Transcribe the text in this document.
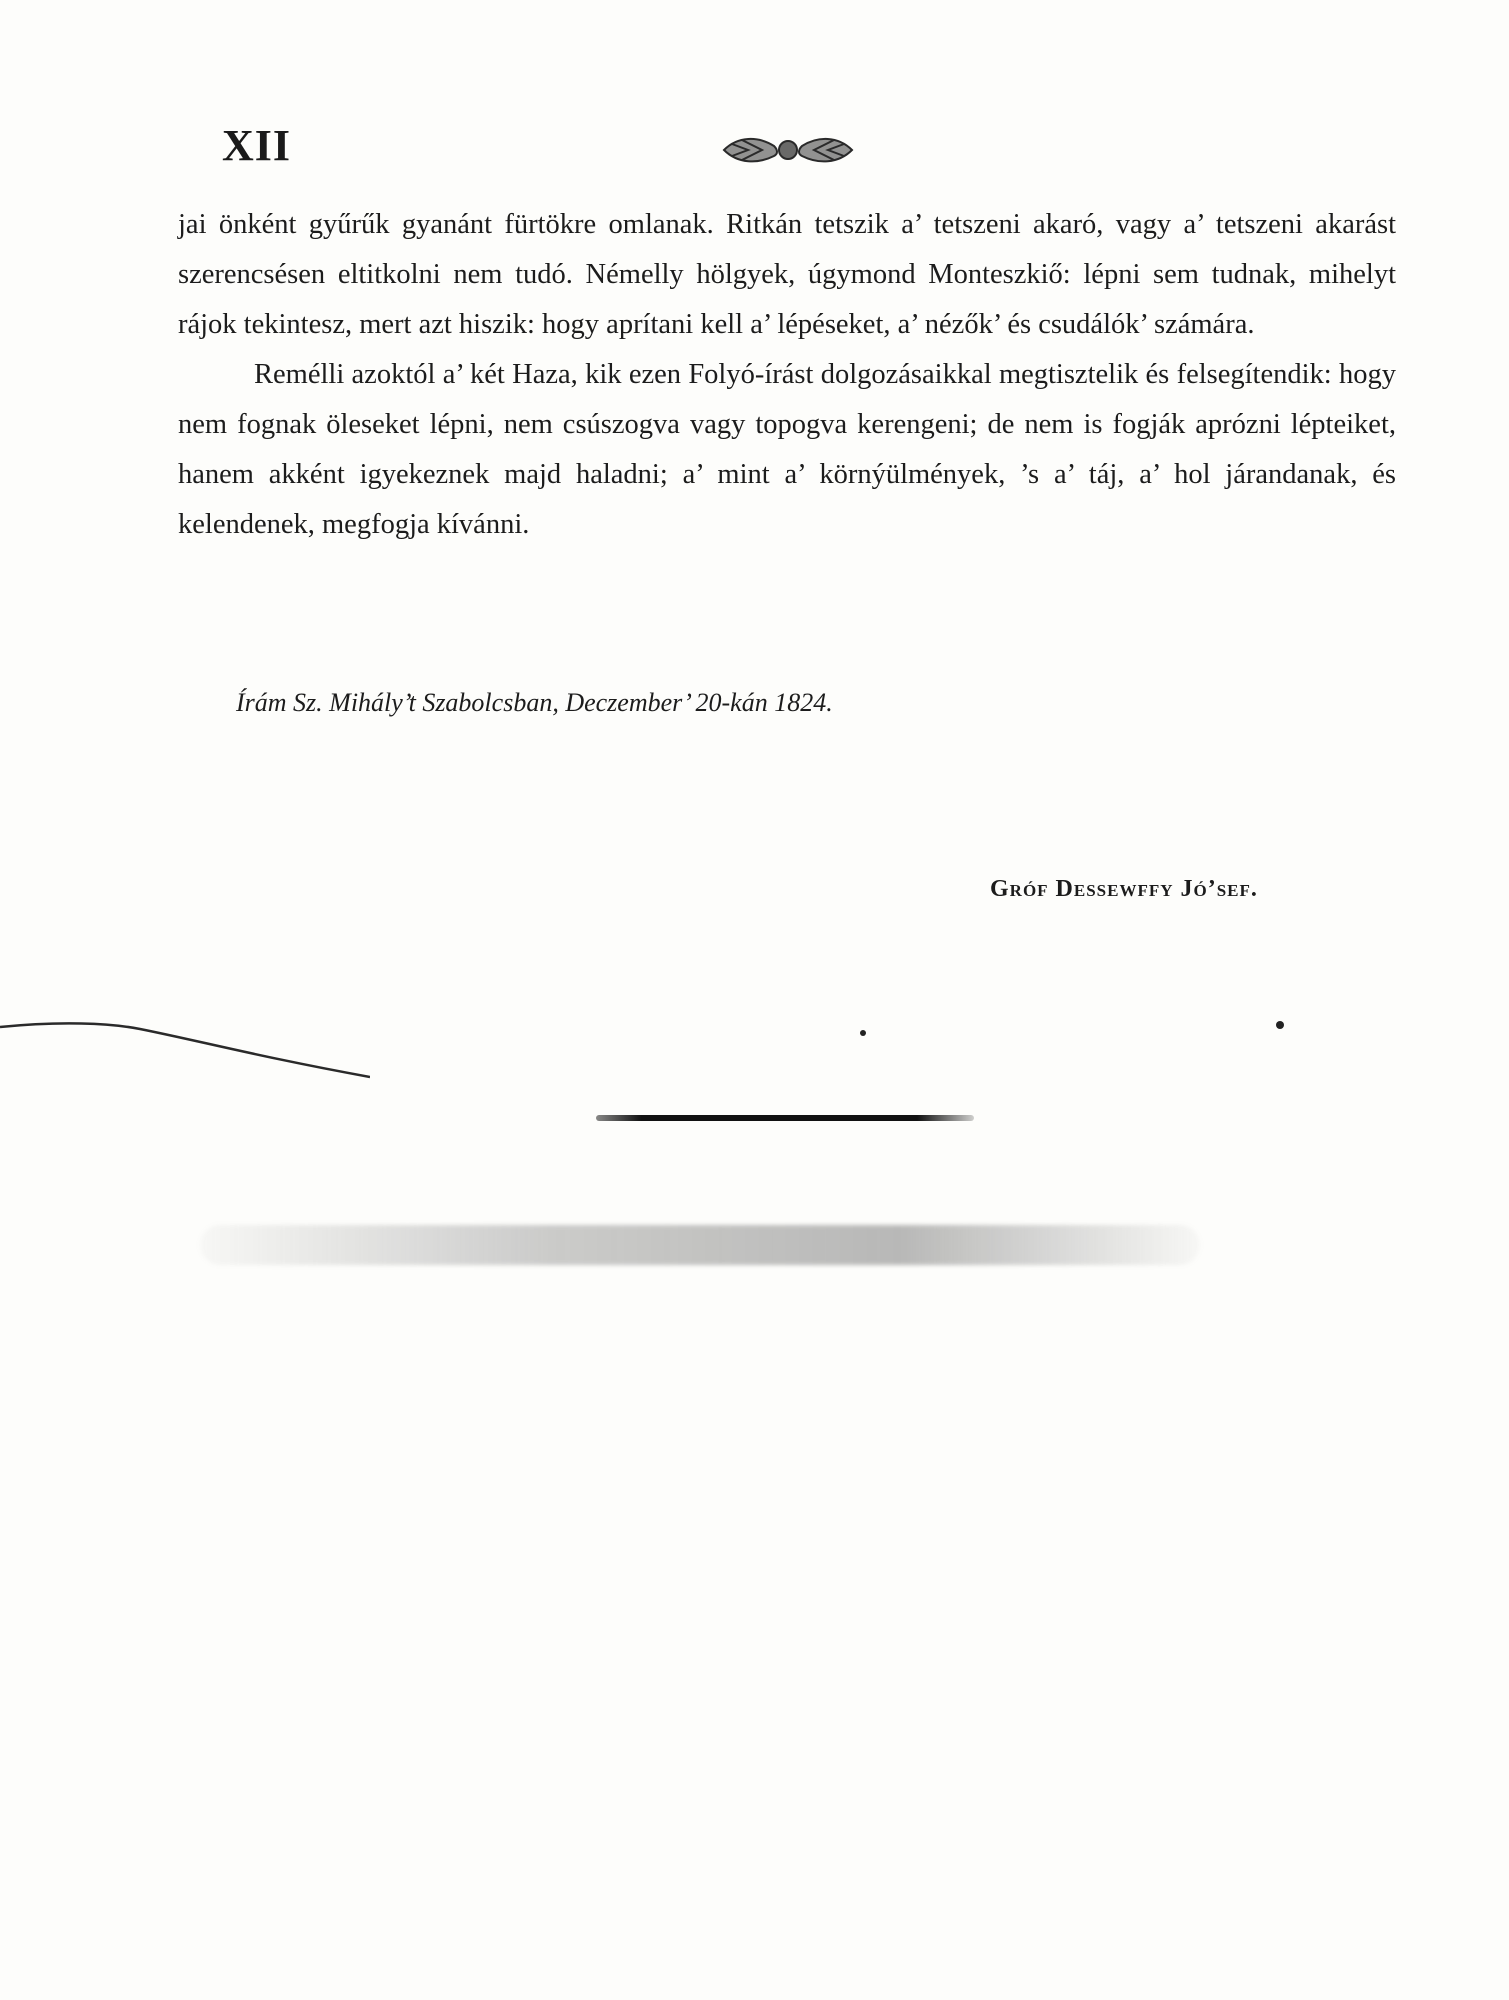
XII

jai önként gyűrűk gyanánt fürtökre omlanak. Ritkán tetszik a’ tetszeni akaró, vagy a’ tetszeni akarást szerencsésen eltitkolni nem tudó. Némelly hölgyek, úgymond Monteszkiő: lépni sem tudnak, mihelyt rájok tekintesz, mert azt hiszik: hogy aprítani kell a’ lépéseket, a’ nézők’ és csudálók’ számára.

Remélli azoktól a’ két Haza, kik ezen Folyó-írást dolgozásaikkal megtisztelik és felsegítendik: hogy nem fognak öleseket lépni, nem csúszogva vagy topogva kerengeni; de nem is fogják aprózni lépteiket, hanem akként igyekeznek majd haladni; a’ mint a’ körnýülmények, ’s a’ táj, a’ hol járandanak, és kelendenek, megfogja kívánni.

Írám Sz. Mihály’t Szabolcsban, Deczember’ 20-kán 1824.
Gróf Dessewffy Jó’sef.
